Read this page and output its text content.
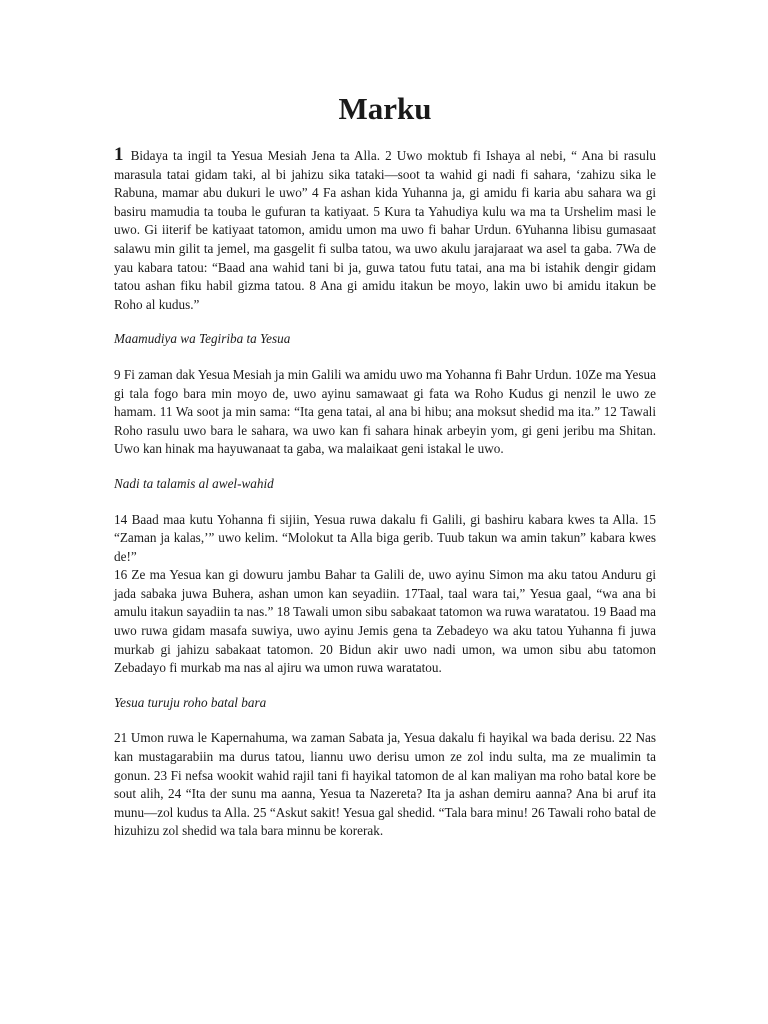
Marku

1 Bidaya ta ingil ta Yesua Mesiah Jena ta Alla. 2 Uwo moktub fi Ishaya al nebi, “ Ana bi rasulu marasula tatai gidam taki, al bi jahizu sika tataki—soot ta wahid gi nadi fi sahara, ‘zahizu sika le Rabuna, mamar abu dukuri le uwo” 4 Fa ashan kida Yuhanna ja, gi amidu fi karia abu sahara wa gi basiru mamudia ta touba le gufuran ta katiyaat. 5 Kura ta Yahudiya kulu wa ma ta Urshelim masi le uwo. Gi iiterif be katiyaat tatomon, amidu umon ma uwo fi bahar Urdun. 6Yuhanna libisu gumasaat salawu min gilit ta jemel, ma gasgelit fi sulba tatou, wa uwo akulu jarajaraat wa asel ta gaba. 7Wa de yau kabara tatou: “Baad ana wahid tani bi ja, guwa tatou futu tatai, ana ma bi istahik dengir gidam tatou ashan fiku habil gizma tatou. 8 Ana gi amidu itakun be moyo, lakin uwo bi amidu itakun be Roho al kudus.”

Maamudiya wa Tegiriba ta Yesua

9 Fi zaman dak Yesua Mesiah ja min Galili wa amidu uwo ma Yohanna fi Bahr Urdun. 10Ze ma Yesua gi tala fogo bara min moyo de, uwo ayinu samawaat gi fata wa Roho Kudus gi nenzil le uwo ze hamam. 11 Wa soot ja min sama: “Ita gena tatai, al ana bi hibu; ana moksut shedid ma ita.” 12 Tawali Roho rasulu uwo bara le sahara, wa uwo kan fi sahara hinak arbeyin yom, gi geni jeribu ma Shitan. Uwo kan hinak ma hayuwanaat ta gaba, wa malaikaat geni istakal le uwo.

Nadi ta talamis al awel-wahid

14 Baad maa kutu Yohanna fi sijiin, Yesua ruwa dakalu fi Galili, gi bashiru kabara kwes ta Alla. 15 “Zaman ja kalas,’” uwo kelim. “Molokut ta Alla biga gerib. Tuub takun wa amin takun” kabara kwes de!”

16 Ze ma Yesua kan gi dowuru jambu Bahar ta Galili de, uwo ayinu Simon ma aku tatou Anduru gi jada sabaka juwa Buhera, ashan umon kan seyadiin. 17Taal, taal wara tai,” Yesua gaal, “wa ana bi amulu itakun sayadiin ta nas.” 18 Tawali umon sibu sabakaat tatomon wa ruwa waratatou. 19 Baad ma uwo ruwa gidam masafa suwiya, uwo ayinu Jemis gena ta Zebadeyo wa aku tatou Yuhanna fi juwa murkab gi jahizu sabakaat tatomon. 20 Bidun akir uwo nadi umon, wa umon sibu abu tatomon Zebadayo fi murkab ma nas al ajiru wa umon ruwa waratatou.

Yesua turuju roho batal bara

21 Umon ruwa le Kapernahuma, wa zaman Sabata ja, Yesua dakalu fi hayikal wa bada derisu. 22 Nas kan mustagarabiin ma durus tatou, liannu uwo derisu umon ze zol indu sulta, ma ze mualimin ta gonun. 23 Fi nefsa wookit wahid rajil tani fi hayikal tatomon de al kan maliyan ma roho batal kore be sout alih, 24 “Ita der sunu ma aanna, Yesua ta Nazereta? Ita ja ashan demiru aanna? Ana bi aruf ita munu—zol kudus ta Alla. 25 “Askut sakit! Yesua gal shedid. “Tala bara minu! 26 Tawali roho batal de hizuhizu zol shedid wa tala bara minnu be korerak.
